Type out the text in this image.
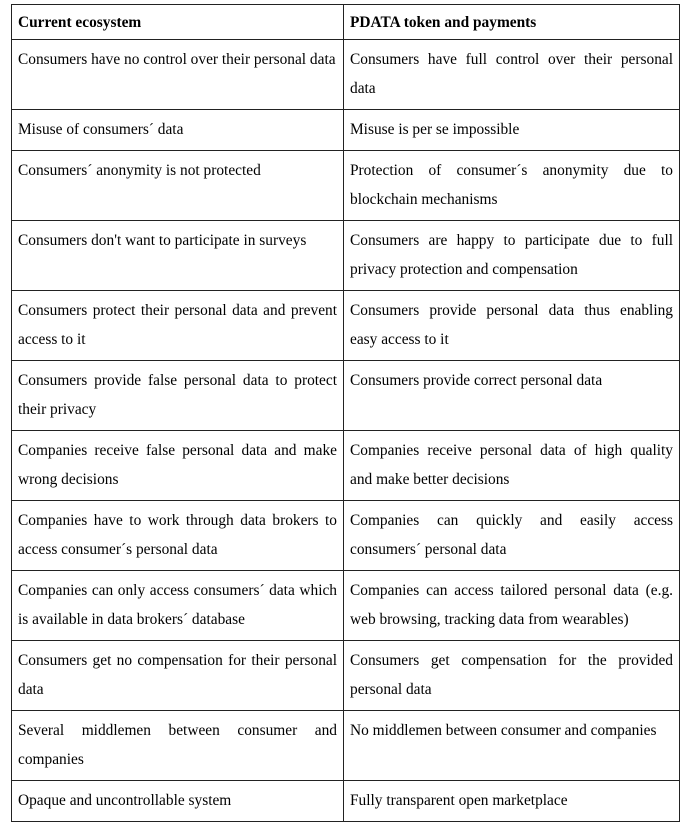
Current ecosystem	PDATA token and payments
Consumers have no control over their personal data	Consumers have full control over their personal data
Misuse of consumers´ data	Misuse is per se impossible
Consumers´ anonymity is not protected	Protection of consumer´s anonymity due to blockchain mechanisms
Consumers don't want to participate in surveys	Consumers are happy to participate due to full privacy protection and compensation
Consumers protect their personal data and prevent access to it	Consumers provide personal data thus enabling easy access to it
Consumers provide false personal data to protect their privacy	Consumers provide correct personal data
Companies receive false personal data and make wrong decisions	Companies receive personal data of high quality and make better decisions
Companies have to work through data brokers to access consumer´s personal data	Companies can quickly and easily access consumers´ personal data
Companies can only access consumers´ data which is available in data brokers´ database	Companies can access tailored personal data (e.g. web browsing, tracking data from wearables)
Consumers get no compensation for their personal data	Consumers get compensation for the provided personal data
Several middlemen between consumer and companies	No middlemen between consumer and companies
Opaque and uncontrollable system	Fully transparent open marketplace
